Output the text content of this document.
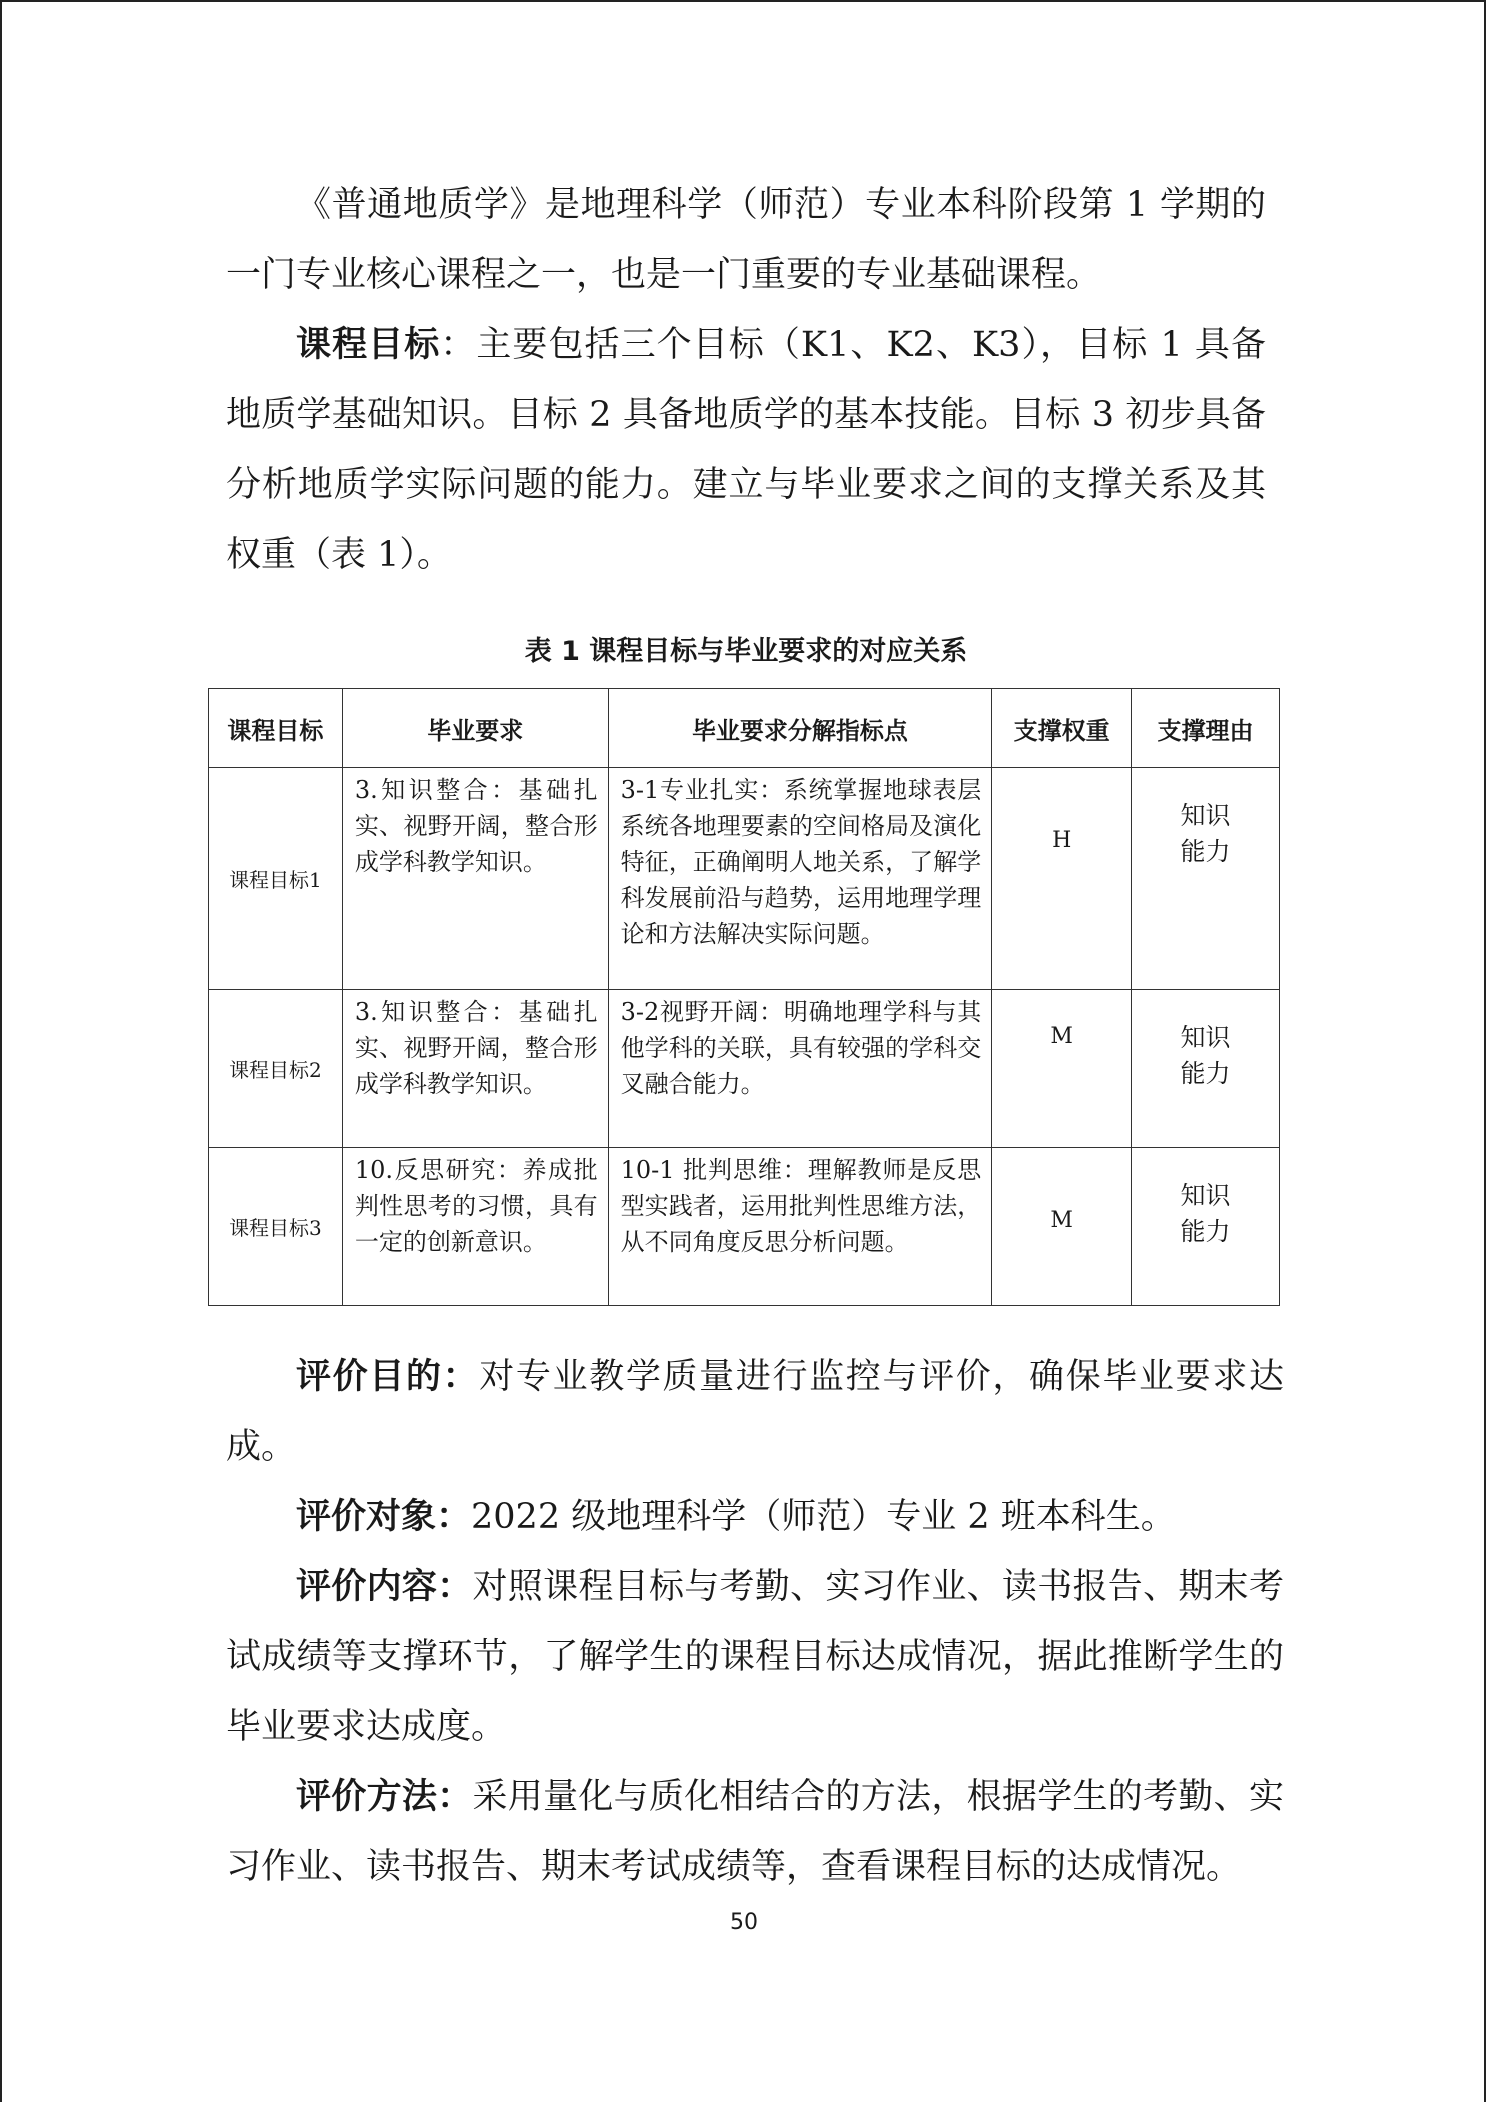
《普通地质学》是地理科学（师范）专业本科阶段第 1 学期的一门专业核心课程之一，也是一门重要的专业基础课程。

课程目标：主要包括三个目标（K1、K2、K3），目标 1 具备地质学基础知识。目标 2 具备地质学的基本技能。目标 3 初步具备分析地质学实际问题的能力。建立与毕业要求之间的支撑关系及其权重（表 1）。

表 1 课程目标与毕业要求的对应关系
课程目标	毕业要求	毕业要求分解指标点	支撑权重	支撑理由
课程目标1	3.知识整合：基础扎实、视野开阔，整合形成学科教学知识。	3-1专业扎实：系统掌握地球表层系统各地理要素的空间格局及演化特征，正确阐明人地关系，了解学科发展前沿与趋势，运用地理学理论和方法解决实际问题。	H	知识
能力

课程目标2	3.知识整合：基础扎实、视野开阔，整合形成学科教学知识。	3-2视野开阔：明确地理学科与其他学科的关联，具有较强的学科交叉融合能力。	M	知识
能力

课程目标3	10.反思研究：养成批判性思考的习惯，具有一定的创新意识。	10-1 批判思维：理解教师是反思型实践者，运用批判性思维方法，从不同角度反思分析问题。	M	知识
能力

评价目的：对专业教学质量进行监控与评价，确保毕业要求达成。

评价对象：2022 级地理科学（师范）专业 2 班本科生。

评价内容：对照课程目标与考勤、实习作业、读书报告、期末考试成绩等支撑环节，了解学生的课程目标达成情况，据此推断学生的毕业要求达成度。

评价方法：采用量化与质化相结合的方法，根据学生的考勤、实习作业、读书报告、期末考试成绩等，查看课程目标的达成情况。

50
